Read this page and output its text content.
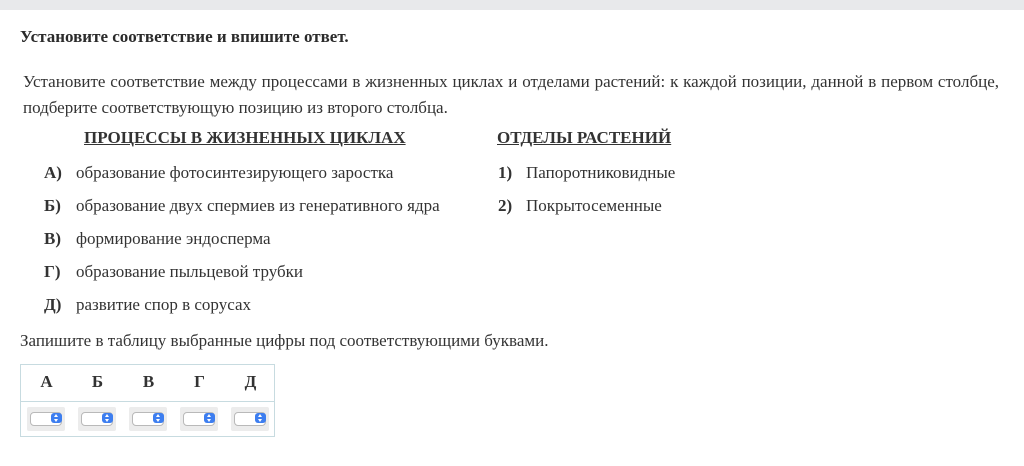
Установите соответствие и впишите ответ.
Установите соответствие между процессами в жизненных циклах и отделами растений: к каждой позиции, данной в первом столбце, подберите соответствующую позицию из второго столбца.
ПРОЦЕССЫ В ЖИЗНЕННЫХ ЦИКЛАХ	ОТДЕЛЫ РАСТЕНИЙ
А) образование фотосинтезирующего заростка
Б) образование двух спермиев из генеративного ядра
В) формирование эндосперма
Г) образование пыльцевой трубки
Д) развитие спор в сорусах
1) Папоротниковидные
2) Покрытосеменные
Запишите в таблицу выбранные цифры под соответствующими буквами.
А	Б	В	Г	Д
